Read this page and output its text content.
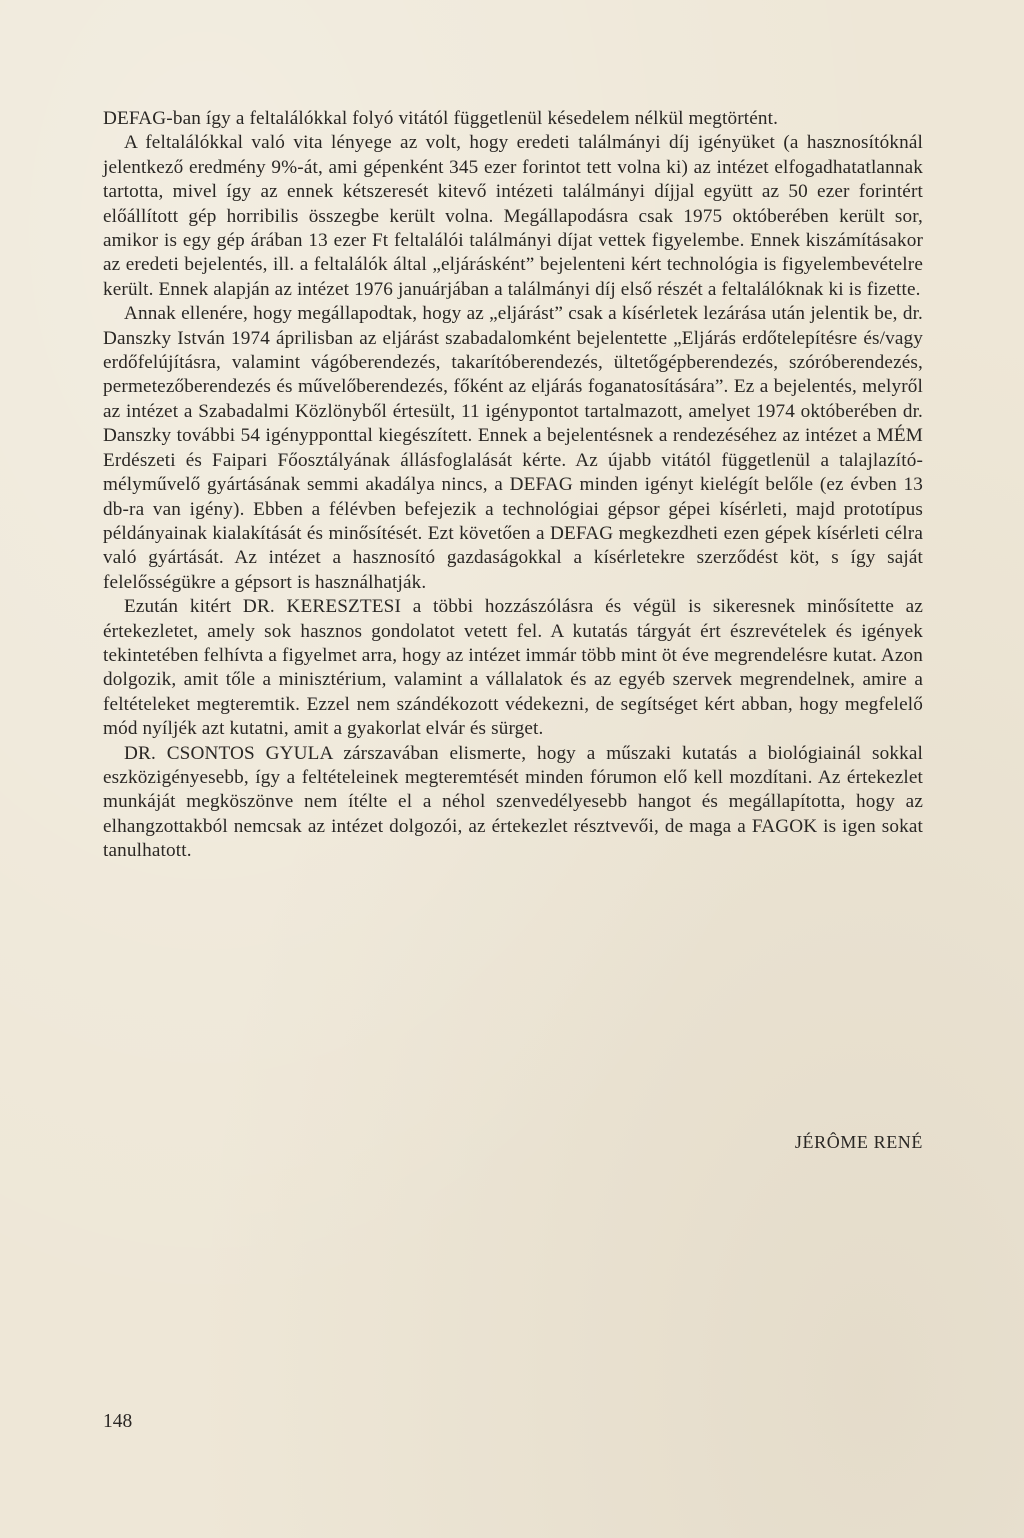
DEFAG-ban így a feltalálókkal folyó vitától függetlenül késedelem nélkül megtörtént.

A feltalálókkal való vita lényege az volt, hogy eredeti találmányi díj igényüket (a hasznosítóknál jelentkező eredmény 9%-át, ami gépenként 345 ezer forintot tett volna ki) az intézet elfogadhatatlannak tartotta, mivel így az ennek kétszeresét kitevő intézeti találmányi díjjal együtt az 50 ezer forintért előállított gép horribilis összegbe került volna. Megállapodásra csak 1975 októberében került sor, amikor is egy gép árában 13 ezer Ft feltalálói találmányi díjat vettek figyelembe. Ennek kiszámításakor az eredeti bejelentés, ill. a feltalálók által „eljárásként” bejelenteni kért technológia is figyelembevételre került. Ennek alapján az intézet 1976 januárjában a találmányi díj első részét a feltalálóknak ki is fizette.

Annak ellenére, hogy megállapodtak, hogy az „eljárást” csak a kísérletek lezárása után jelentik be, dr. Danszky István 1974 áprilisban az eljárást szabadalomként bejelentette „Eljárás erdőtelepítésre és/vagy erdőfelújításra, valamint vágóberendezés, takarítóberendezés, ültetőgépberendezés, szóróberendezés, permetezőberendezés és művelőberendezés, főként az eljárás foganatosítására”. Ez a bejelentés, melyről az intézet a Szabadalmi Közlönyből értesült, 11 igénypontot tartalmazott, amelyet 1974 októberében dr. Danszky további 54 igénypponttal kiegészített. Ennek a bejelentésnek a rendezéséhez az intézet a MÉM Erdészeti és Faipari Főosztályának állásfoglalását kérte. Az újabb vitától függetlenül a talajlazító-mélyművelő gyártásának semmi akadálya nincs, a DEFAG minden igényt kielégít belőle (ez évben 13 db-ra van igény). Ebben a félévben befejezik a technológiai gépsor gépei kísérleti, majd prototípus példányainak kialakítását és minősítését. Ezt követően a DEFAG megkezdheti ezen gépek kísérleti célra való gyártását. Az intézet a hasznosító gazdaságokkal a kísérletekre szerződést köt, s így saját felelősségükre a gépsort is használhatják.

Ezután kitért DR. KERESZTESI a többi hozzászólásra és végül is sikeresnek minősítette az értekezletet, amely sok hasznos gondolatot vetett fel. A kutatás tárgyát ért észrevételek és igények tekintetében felhívta a figyelmet arra, hogy az intézet immár több mint öt éve megrendelésre kutat. Azon dolgozik, amit tőle a minisztérium, valamint a vállalatok és az egyéb szervek megrendelnek, amire a feltételeket megteremtik. Ezzel nem szándékozott védekezni, de segítséget kért abban, hogy megfelelő mód nyíljék azt kutatni, amit a gyakorlat elvár és sürget.

DR. CSONTOS GYULA zárszavában elismerte, hogy a műszaki kutatás a biológiainál sokkal eszközigényesebb, így a feltételeinek megteremtését minden fórumon elő kell mozdítani. Az értekezlet munkáját megköszönve nem ítélte el a néhol szenvedélyesebb hangot és megállapította, hogy az elhangzottakból nemcsak az intézet dolgozói, az értekezlet résztvevői, de maga a FAGOK is igen sokat tanulhatott.

JÉRÔME RENÉ
148
